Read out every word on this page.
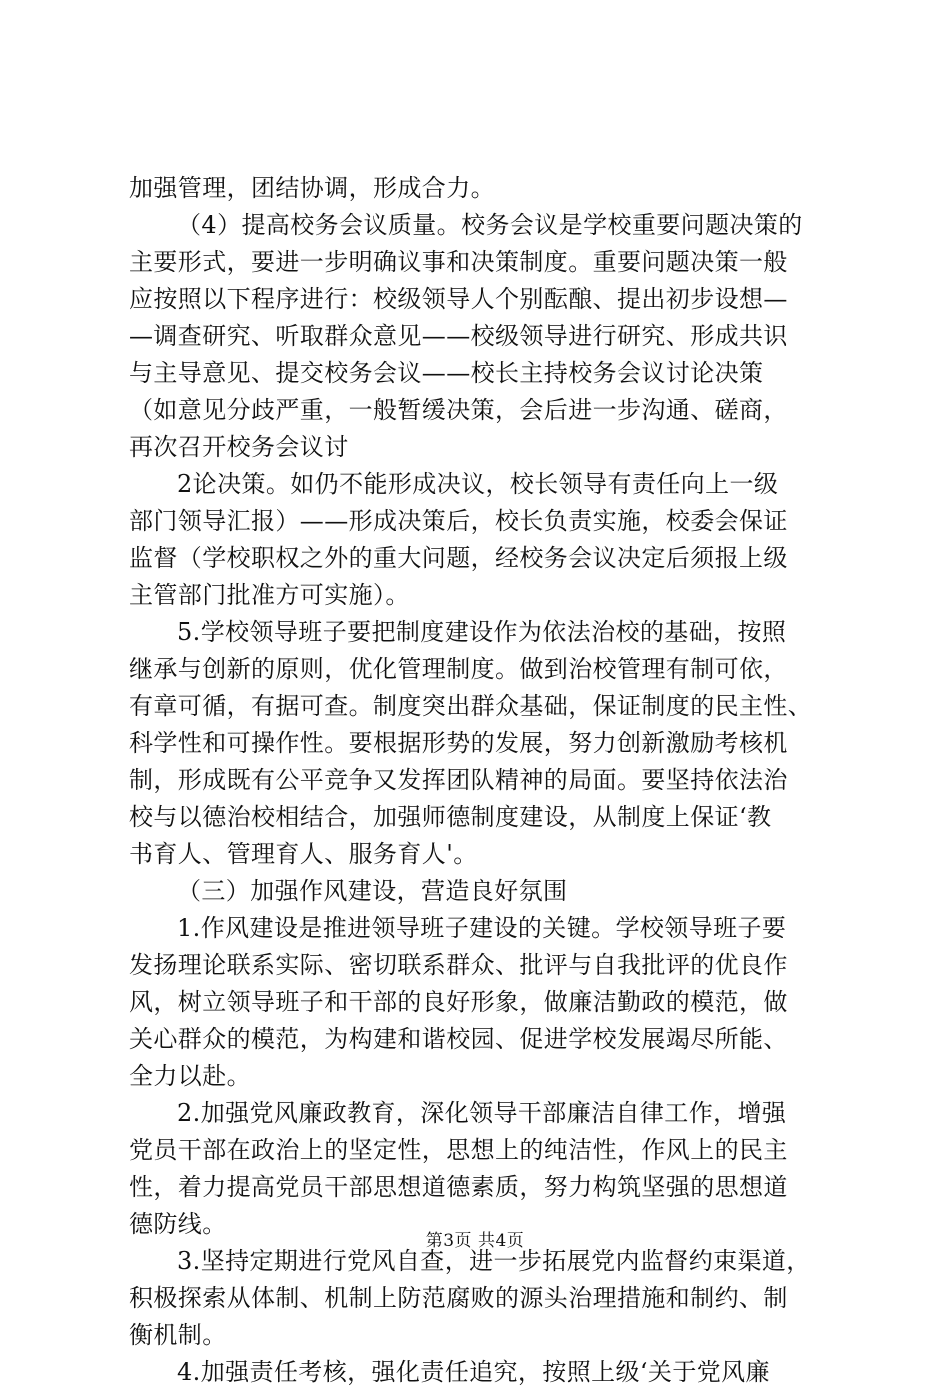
加强管理，团结协调，形成合力。
（4）提高校务会议质量。校务会议是学校重要问题决策的
主要形式，要进一步明确议事和决策制度。重要问题决策一般
应按照以下程序进行：校级领导人个别酝酿、提出初步设想—
—调查研究、听取群众意见——校级领导进行研究、形成共识
与主导意见、提交校务会议——校长主持校务会议讨论决策
（如意见分歧严重，一般暂缓决策，会后进一步沟通、磋商，
再次召开校务会议讨
2论决策。如仍不能形成决议，校长领导有责任向上一级
部门领导汇报）——形成决策后，校长负责实施，校委会保证
监督（学校职权之外的重大问题，经校务会议决定后须报上级
主管部门批准方可实施）。
5.学校领导班子要把制度建设作为依法治校的基础，按照
继承与创新的原则，优化管理制度。做到治校管理有制可依，
有章可循，有据可查。制度突出群众基础，保证制度的民主性、
科学性和可操作性。要根据形势的发展，努力创新激励考核机
制，形成既有公平竞争又发挥团队精神的局面。要坚持依法治
校与以德治校相结合，加强师德制度建设，从制度上保证‘教
书育人、管理育人、服务育人'。
（三）加强作风建设，营造良好氛围
1.作风建设是推进领导班子建设的关键。学校领导班子要
发扬理论联系实际、密切联系群众、批评与自我批评的优良作
风，树立领导班子和干部的良好形象，做廉洁勤政的模范，做
关心群众的模范，为构建和谐校园、促进学校发展竭尽所能、
全力以赴。
2.加强党风廉政教育，深化领导干部廉洁自律工作，增强
党员干部在政治上的坚定性，思想上的纯洁性，作风上的民主
性，着力提高党员干部思想道德素质，努力构筑坚强的思想道
德防线。
3.坚持定期进行党风自查，进一步拓展党内监督约束渠道，
积极探索从体制、机制上防范腐败的源头治理措施和制约、制
衡机制。
4.加强责任考核，强化责任追究，按照上级‘关于党风廉
第3页 共4页
